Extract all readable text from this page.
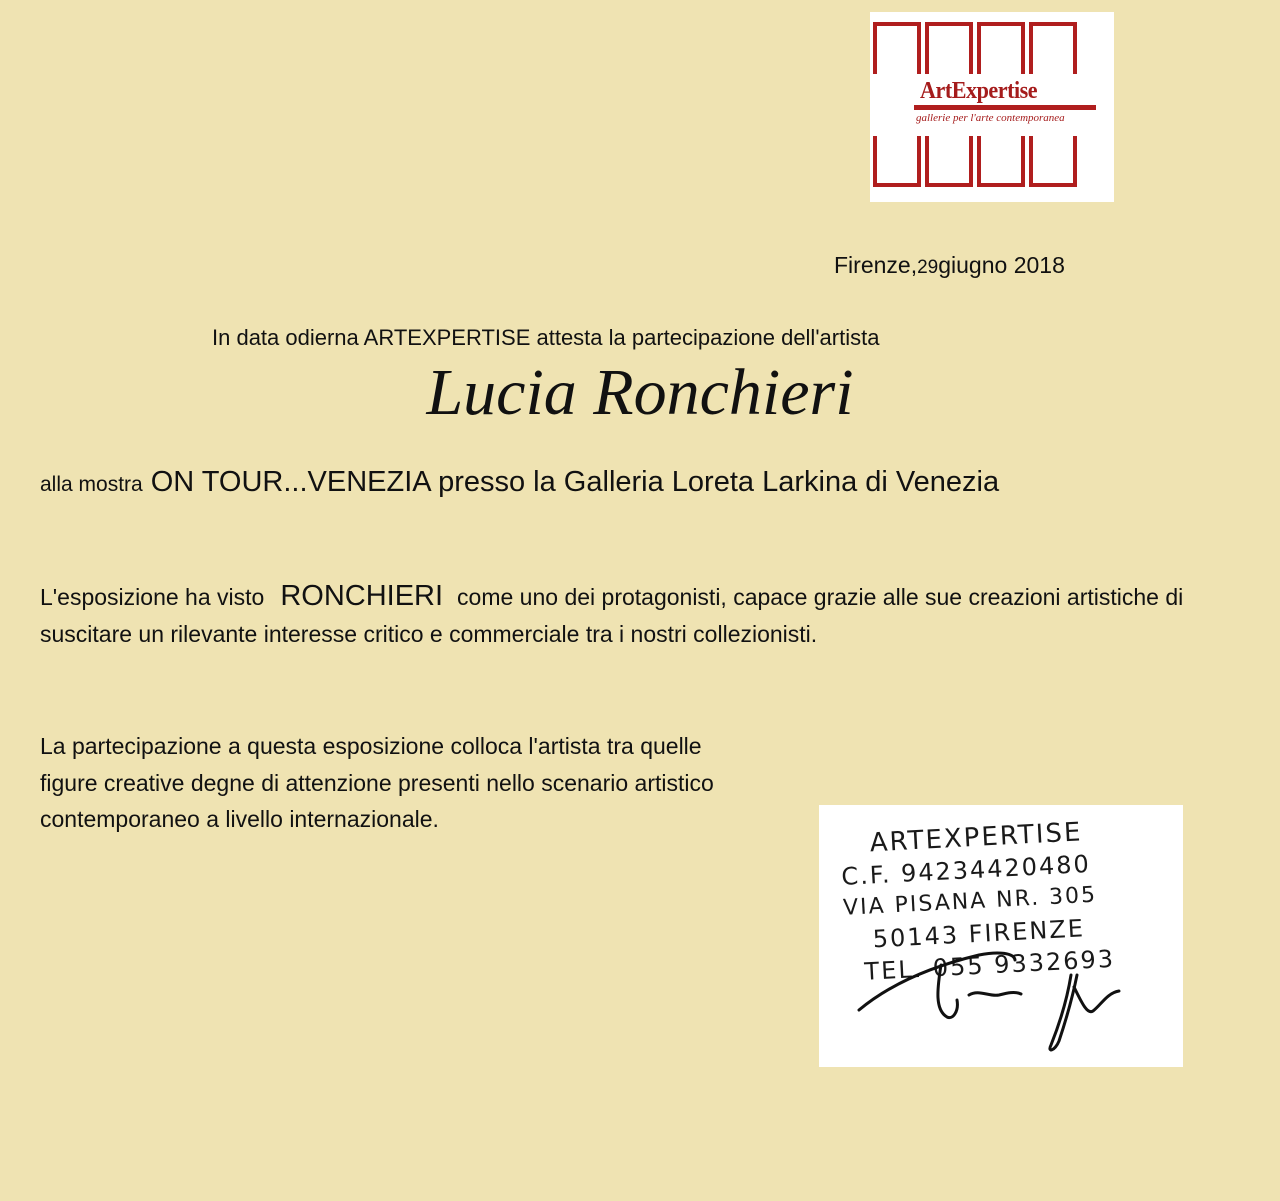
ArtExpertise
gallerie per l'arte contemporanea
Firenze,29giugno 2018
In data odierna ARTEXPERTISE attesta la partecipazione dell'artista
Lucia Ronchieri
alla mostra ON TOUR...VENEZIA presso la Galleria Loreta Larkina di Venezia
L'esposizione ha visto RONCHIERI come uno dei protagonisti, capace grazie alle sue creazioni artistiche di suscitare un rilevante interesse critico e commerciale tra i nostri collezionisti.
La partecipazione a questa esposizione colloca l'artista tra quelle figure creative degne di attenzione presenti nello scenario artistico contemporaneo a livello internazionale.	ARTEXPERTISE
C.F. 94234420480
VIA PISANA NR. 305
50143 FIRENZE
TEL. 055 9332693
